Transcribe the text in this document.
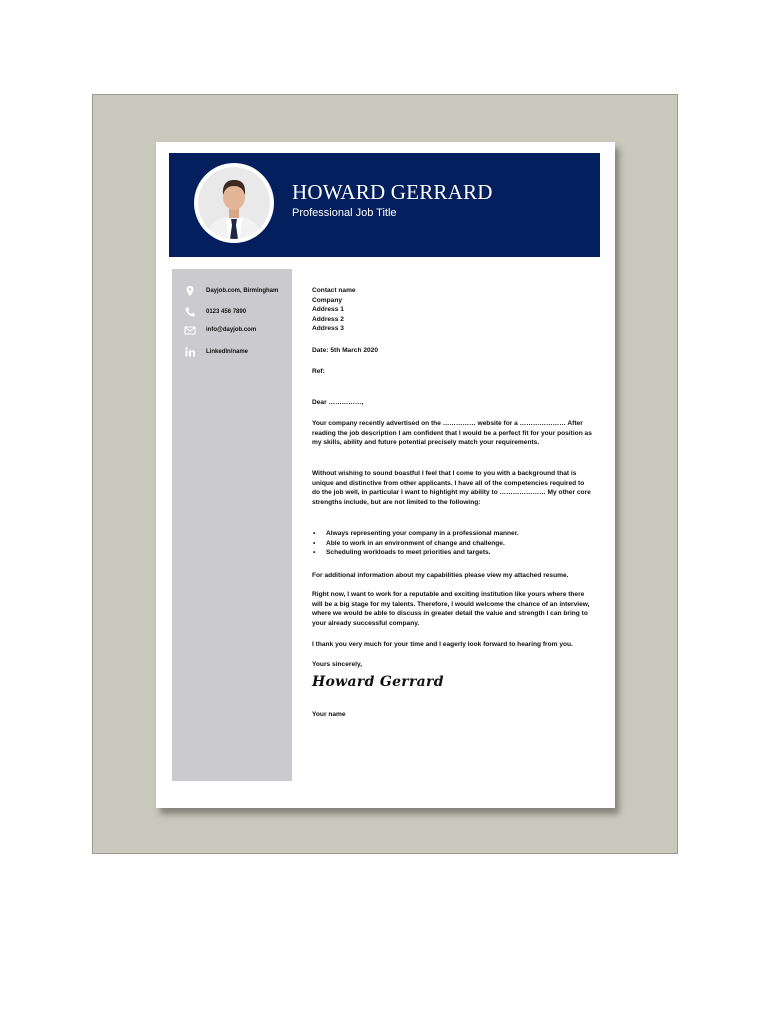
HOWARD GERRARD
Professional Job Title
Dayjob.com, Birmingham
0123 456 7890
info@dayjob.com
LinkedIn/name

Contact name

Company

Address 1

Address 2

Address 3

Date: 5th March 2020
Ref:
Dear ……………,

Your company recently advertised on the …………… website for a ………………… After reading the job description I am confident that I would be a perfect fit for your position as my skills, ability and future potential precisely match your requirements.

Without wishing to sound boastful I feel that I come to you with a background that is unique and distinctive from other applicants. I have all of the competencies required to do the job well, in particular I want to highlight my ability to ………………… My other core strengths include, but are not limited to the following:

• Always representing your company in a professional manner.
• Able to work in an environment of change and challenge.
• Scheduling workloads to meet priorities and targets.

For additional information about my capabilities please view my attached resume.

Right now, I want to work for a reputable and exciting institution like yours where there will be a big stage for my talents. Therefore, I would welcome the chance of an interview, where we would be able to discuss in greater detail the value and strength I can bring to your already successful company.

I thank you very much for your time and I eagerly look forward to hearing from you.

Yours sincerely,
Howard Gerrard
Your name
